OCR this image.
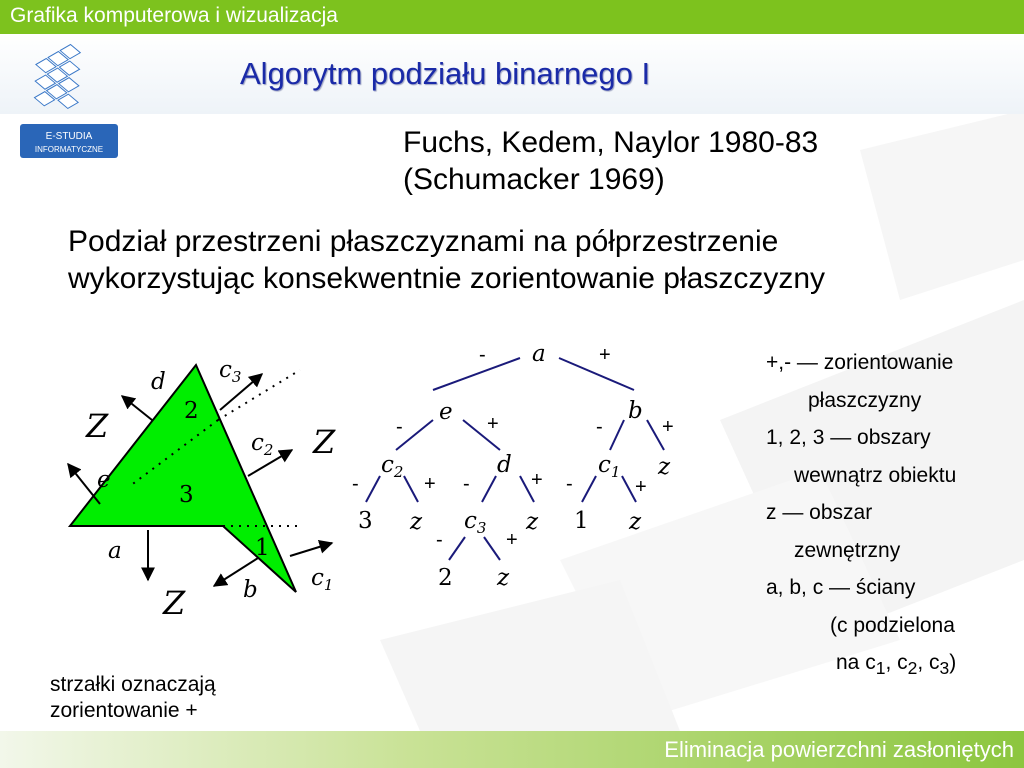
Grafika komputerowa i wizualizacja
E-STUDIA
INFORMATYCZNE
Algorytm podziału binarnego I
Fuchs, Kedem, Naylor 1980-83
(Schumacker 1969)
Podział przestrzeni płaszczyznami na półprzestrzenie
wykorzystując konsekwentnie zorientowanie płaszczyzny
d $c_3$
$c_2$
e
a
b $c_1$
Z	Z
Z
2
3
1
a
-	+
e
-	+	b
-	+
$c_2$
-	+
d
-	+
$c_1$
-	+
z
3 z $c_3$
-	+
z 1 z
2 z
+,- — zorientowanie
płaszczyzny
1, 2, 3 — obszary
wewnątrz obiektu
z — obszar
zewnętrzny
a, b, c — ściany
(c podzielona
na $c_1$, $c_2$, $c_3$)
strzałki oznaczają
zorientowanie +
Eliminacja powierzchni zasłoniętych
